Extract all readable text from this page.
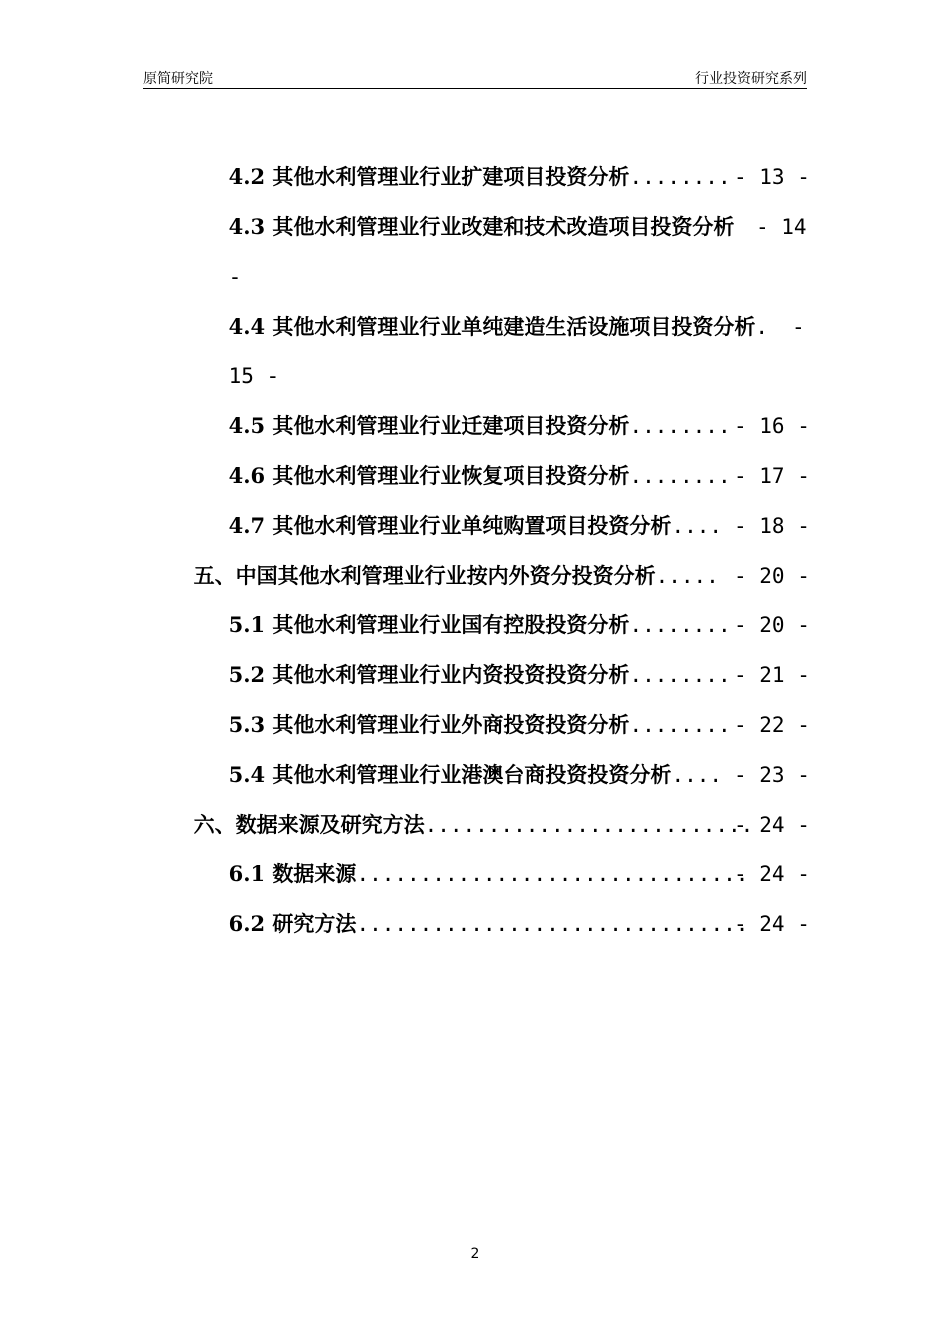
原简研究院	行业投资研究系列

4.2 其他水利管理业行业扩建项目投资分析........ - 13 -

4.3 其他水利管理业行业改建和技术改造项目投资分析 - 14

-

4.4 其他水利管理业行业单纯建造生活设施项目投资分析. -

15 -

4.5 其他水利管理业行业迁建项目投资分析........ - 16 -

4.6 其他水利管理业行业恢复项目投资分析........ - 17 -

4.7 其他水利管理业行业单纯购置项目投资分析.... - 18 -

五、中国其他水利管理业行业按内外资分投资分析..... - 20 -

5.1 其他水利管理业行业国有控股投资分析........ - 20 -

5.2 其他水利管理业行业内资投资投资分析........ - 21 -

5.3 其他水利管理业行业外商投资投资分析........ - 22 -

5.4 其他水利管理业行业港澳台商投资投资分析.... - 23 -

六、数据来源及研究方法..........................
- 24 -

6.1 数据来源...............................
- 24 -

6.2 研究方法...............................
- 24 -

2
